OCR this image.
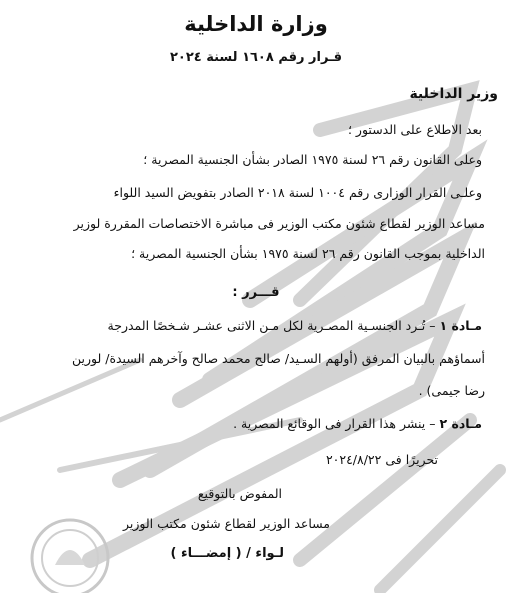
وزارة الداخلية
قـرار رقم ١٦٠٨ لسنة ٢٠٢٤
وزير الداخلية
بعد الاطلاع على الدستور ؛
وعلى القانون رقم ٢٦ لسنة ١٩٧٥ الصادر بشأن الجنسية المصرية ؛
وعلـى القرار الوزارى رقم ١٠٠٤ لسنة ٢٠١٨ الصادر بتفويض السيد اللواء
مساعد الوزير لقطاع شئون مكتب الوزير فى مباشرة الاختصاصات المقررة لوزير
الداخلية بموجب القانون رقم ٢٦ لسنة ١٩٧٥ بشأن الجنسية المصرية ؛
قـــرر :
مـادة ١ – تُـرد الجنسـية المصـرية لكل مـن الاثنى عشـر شـخصًا المدرجة
أسماؤهم بالبيان المرفق (أولهم السـيد/ صالح محمد صالح وآخرهم السيدة/ لورين
رضا جيمى) .
مـادة ٢ – ينشر هذا القرار فى الوقائع المصرية .
تحريرًا فى ٢٠٢٤/٨/٢٢
المفوض بالتوقيع
مساعد الوزير لقطاع شئون مكتب الوزير
لـواء / ( إمضـــاء )
